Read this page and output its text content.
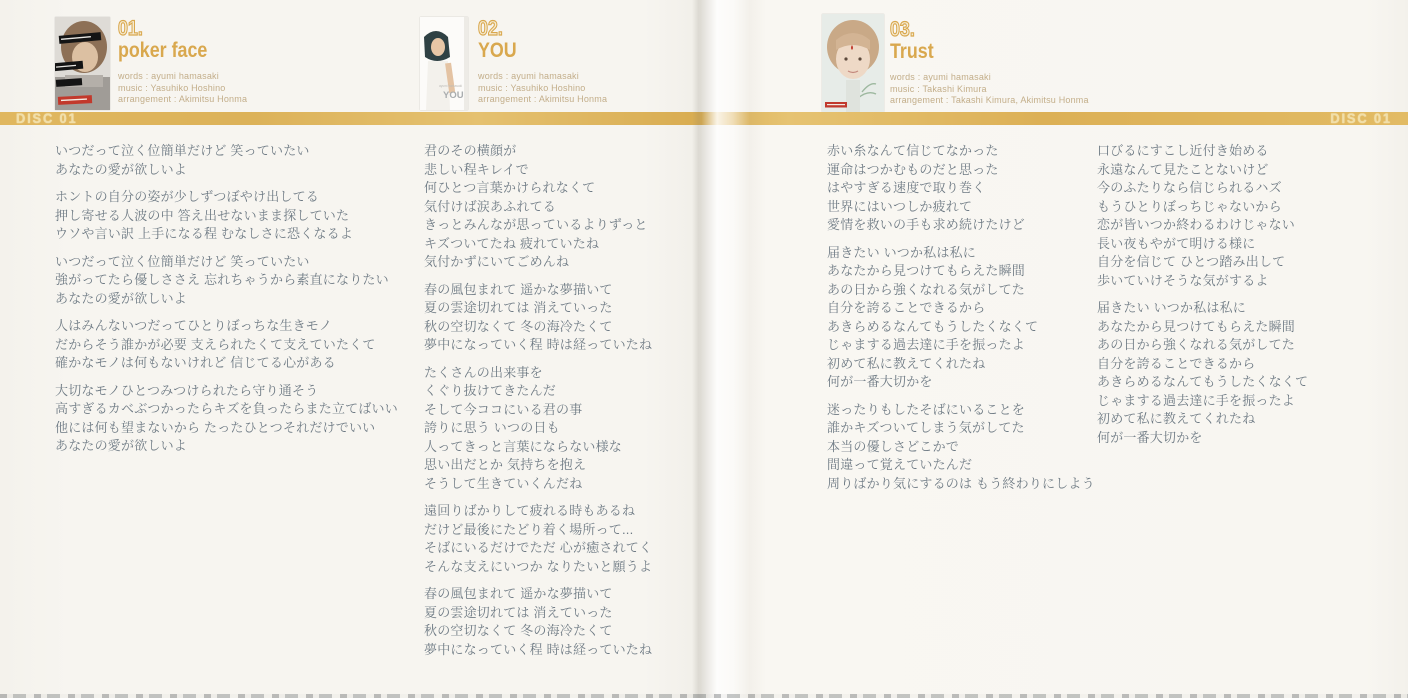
DISC 01	DISC 01
01.
poker face
words : ayumi hamasaki
music : Yasuhiko Hoshino
arrangement : Akimitsu Honma
ayumi hamasaki
YOU
02.
YOU
words : ayumi hamasaki
music : Yasuhiko Hoshino
arrangement : Akimitsu Honma
03.
Trust
words : ayumi hamasaki
music : Takashi Kimura
arrangement : Takashi Kimura, Akimitsu Honma
いつだって泣く位簡単だけど 笑っていたい
あなたの愛が欲しいよ
ホントの自分の姿が少しずつぼやけ出してる
押し寄せる人波の中 答え出せないまま探していた
ウソや言い訳 上手になる程 むなしさに恐くなるよ
いつだって泣く位簡単だけど 笑っていたい
強がってたら優しささえ 忘れちゃうから素直になりたい
あなたの愛が欲しいよ
人はみんないつだってひとりぼっちな生きモノ
だからそう誰かが必要 支えられたくて支えていたくて
確かなモノは何もないけれど 信じてる心がある
大切なモノひとつみつけられたら守り通そう
高すぎるカベぶつかったらキズを負ったらまた立てばいい
他には何も望まないから たったひとつそれだけでいい
あなたの愛が欲しいよ
君のその横顔が
悲しい程キレイで
何ひとつ言葉かけられなくて
気付けば涙あふれてる
きっとみんなが思っているよりずっと
キズついてたね 疲れていたね
気付かずにいてごめんね
春の風包まれて 遥かな夢描いて
夏の雲途切れては 消えていった
秋の空切なくて 冬の海冷たくて
夢中になっていく程 時は経っていたね
たくさんの出来事を
くぐり抜けてきたんだ
そして今ココにいる君の事
誇りに思う いつの日も
人ってきっと言葉にならない様な
思い出だとか 気持ちを抱え
そうして生きていくんだね
遠回りばかりして疲れる時もあるね
だけど最後にたどり着く場所って...
そばにいるだけでただ 心が癒されてく
そんな支えにいつか なりたいと願うよ
春の風包まれて 遥かな夢描いて
夏の雲途切れては 消えていった
秋の空切なくて 冬の海冷たくて
夢中になっていく程 時は経っていたね
赤い糸なんて信じてなかった
運命はつかむものだと思った
はやすぎる速度で取り巻く
世界にはいつしか疲れて
愛情を救いの手も求め続けたけど
届きたい いつか私は私に
あなたから見つけてもらえた瞬間
あの日から強くなれる気がしてた
自分を誇ることできるから
あきらめるなんてもうしたくなくて
じゃまする過去達に手を振ったよ
初めて私に教えてくれたね
何が一番大切かを
迷ったりもしたそばにいることを
誰かキズついてしまう気がしてた
本当の優しさどこかで
間違って覚えていたんだ
周りばかり気にするのは もう終わりにしよう
口びるにすこし近付き始める
永遠なんて見たことないけど
今のふたりなら信じられるハズ
もうひとりぼっちじゃないから
恋が皆いつか終わるわけじゃない
長い夜もやがて明ける様に
自分を信じて ひとつ踏み出して
歩いていけそうな気がするよ
届きたい いつか私は私に
あなたから見つけてもらえた瞬間
あの日から強くなれる気がしてた
自分を誇ることできるから
あきらめるなんてもうしたくなくて
じゃまする過去達に手を振ったよ
初めて私に教えてくれたね
何が一番大切かを
